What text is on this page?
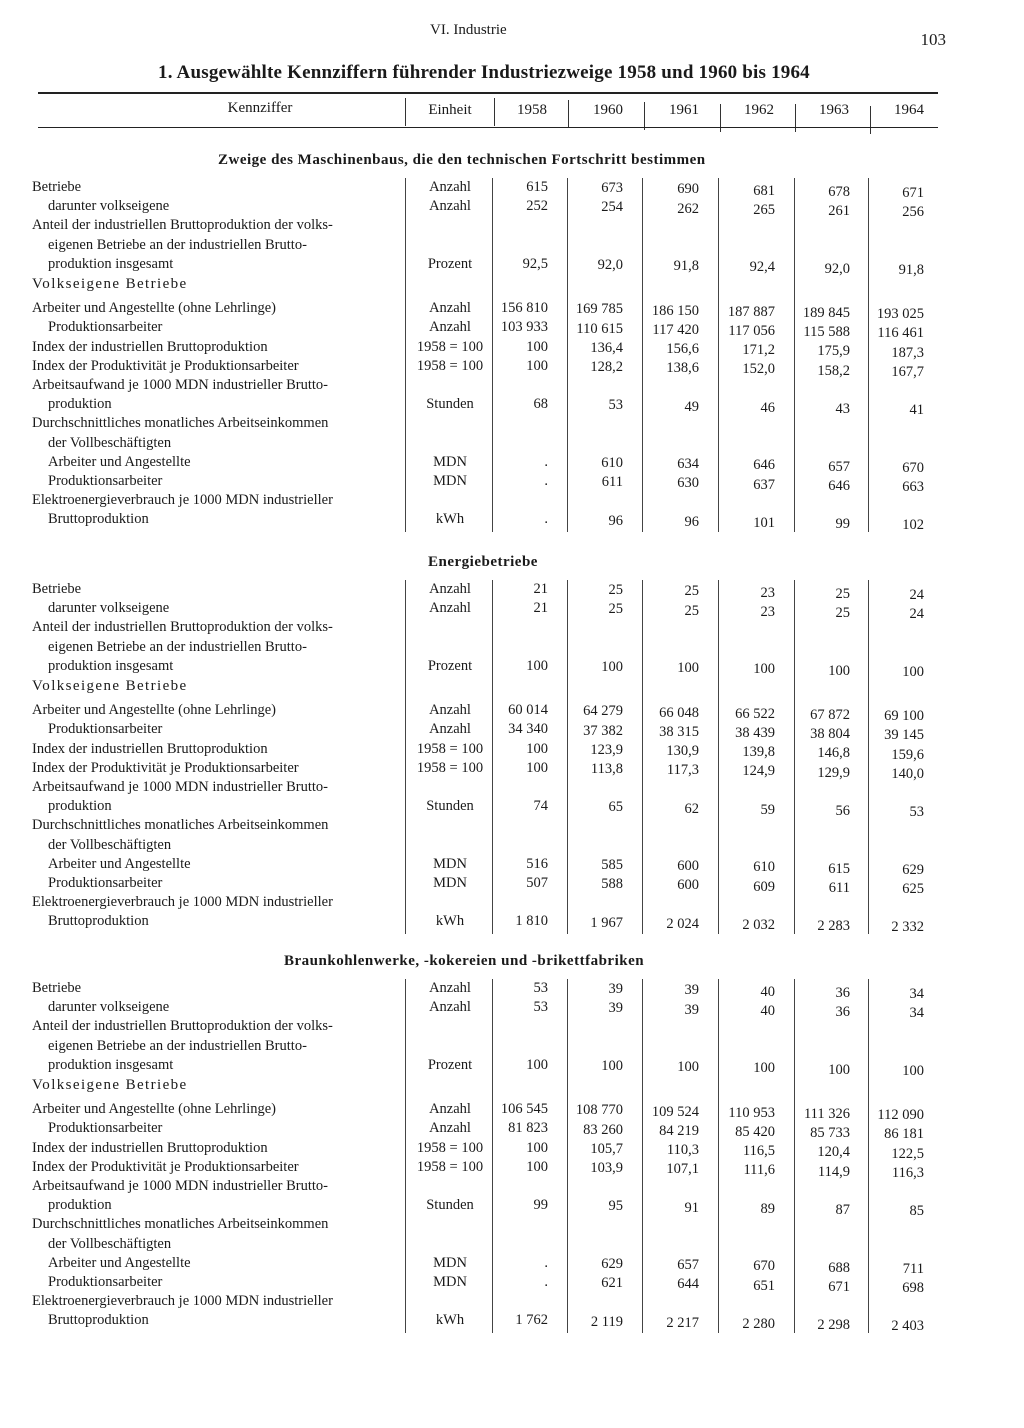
VI. Industrie	103
1. Ausgewählte Kennziffern führender Industriezweige 1958 und 1960 bis 1964
Kennziffer	Einheit	1958	1960	1961	1962	1963	1964
Zweige des Maschinenbaus, die den technischen Fortschritt bestimmen
Betriebe	Anzahl	615	673	690	681	678	671
darunter volkseigene	Anzahl	252	254	262	265	261	256
Anteil der industriellen Bruttoproduktion der volks-
eigenen Betriebe an der industriellen Brutto-
produktion insgesamt	Prozent	92,5	92,0	91,8	92,4	92,0	91,8
Volkseigene Betriebe
Arbeiter und Angestellte (ohne Lehrlinge)	Anzahl	156 810	169 785	186 150	187 887	189 845	193 025
Produktionsarbeiter	Anzahl	103 933	110 615	117 420	117 056	115 588	116 461
Index der industriellen Bruttoproduktion	1958 = 100	100	136,4	156,6	171,2	175,9	187,3
Index der Produktivität je Produktionsarbeiter	1958 = 100	100	128,2	138,6	152,0	158,2	167,7
Arbeitsaufwand je 1000 MDN industrieller Brutto-
produktion	Stunden	68	53	49	46	43	41
Durchschnittliches monatliches Arbeitseinkommen
der Vollbeschäftigten
Arbeiter und Angestellte	MDN	.	610	634	646	657	670
Produktionsarbeiter	MDN	.	611	630	637	646	663
Elektroenergieverbrauch je 1000 MDN industrieller
Bruttoproduktion	kWh	.	96	96	101	99	102
Energiebetriebe
Betriebe	Anzahl	21	25	25	23	25	24
darunter volkseigene	Anzahl	21	25	25	23	25	24
Anteil der industriellen Bruttoproduktion der volks-
eigenen Betriebe an der industriellen Brutto-
produktion insgesamt	Prozent	100	100	100	100	100	100
Volkseigene Betriebe
Arbeiter und Angestellte (ohne Lehrlinge)	Anzahl	60 014	64 279	66 048	66 522	67 872	69 100
Produktionsarbeiter	Anzahl	34 340	37 382	38 315	38 439	38 804	39 145
Index der industriellen Bruttoproduktion	1958 = 100	100	123,9	130,9	139,8	146,8	159,6
Index der Produktivität je Produktionsarbeiter	1958 = 100	100	113,8	117,3	124,9	129,9	140,0
Arbeitsaufwand je 1000 MDN industrieller Brutto-
produktion	Stunden	74	65	62	59	56	53
Durchschnittliches monatliches Arbeitseinkommen
der Vollbeschäftigten
Arbeiter und Angestellte	MDN	516	585	600	610	615	629
Produktionsarbeiter	MDN	507	588	600	609	611	625
Elektroenergieverbrauch je 1000 MDN industrieller
Bruttoproduktion	kWh	1 810	1 967	2 024	2 032	2 283	2 332
Braunkohlenwerke, -kokereien und -brikettfabriken
Betriebe	Anzahl	53	39	39	40	36	34
darunter volkseigene	Anzahl	53	39	39	40	36	34
Anteil der industriellen Bruttoproduktion der volks-
eigenen Betriebe an der industriellen Brutto-
produktion insgesamt	Prozent	100	100	100	100	100	100
Volkseigene Betriebe
Arbeiter und Angestellte (ohne Lehrlinge)	Anzahl	106 545	108 770	109 524	110 953	111 326	112 090
Produktionsarbeiter	Anzahl	81 823	83 260	84 219	85 420	85 733	86 181
Index der industriellen Bruttoproduktion	1958 = 100	100	105,7	110,3	116,5	120,4	122,5
Index der Produktivität je Produktionsarbeiter	1958 = 100	100	103,9	107,1	111,6	114,9	116,3
Arbeitsaufwand je 1000 MDN industrieller Brutto-
produktion	Stunden	99	95	91	89	87	85
Durchschnittliches monatliches Arbeitseinkommen
der Vollbeschäftigten
Arbeiter und Angestellte	MDN	.	629	657	670	688	711
Produktionsarbeiter	MDN	.	621	644	651	671	698
Elektroenergieverbrauch je 1000 MDN industrieller
Bruttoproduktion	kWh	1 762	2 119	2 217	2 280	2 298	2 403
